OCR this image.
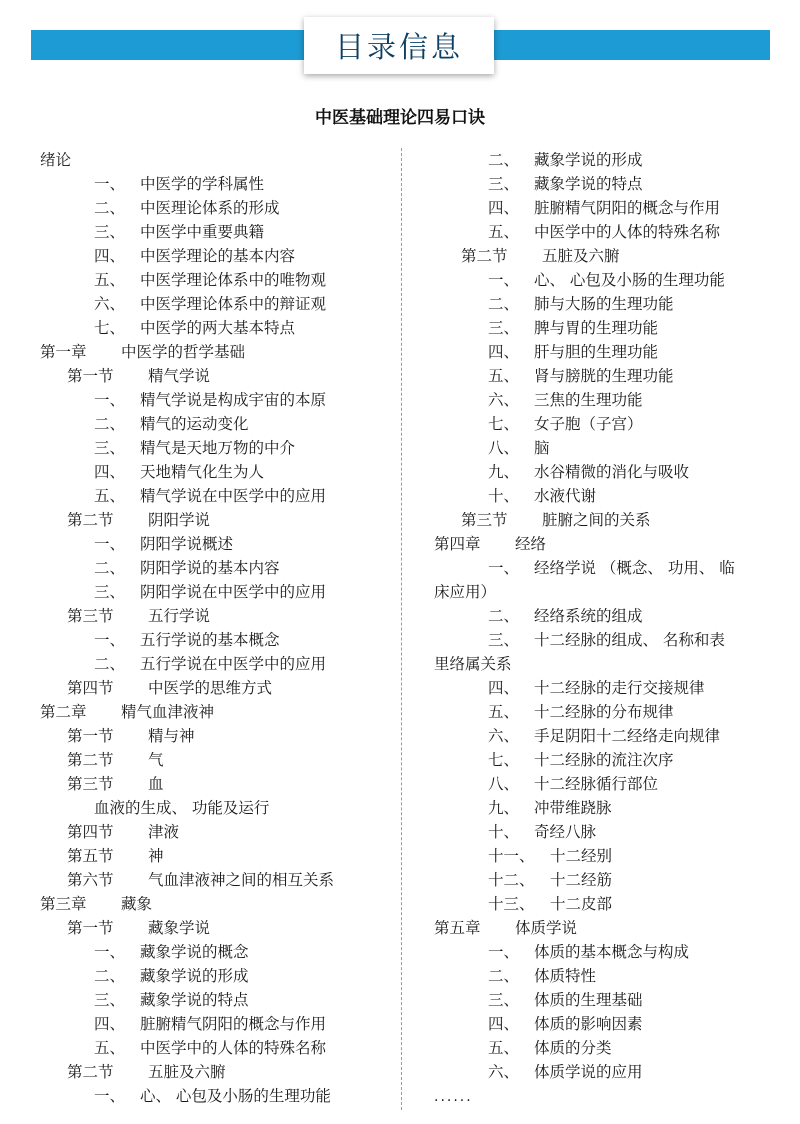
目录信息
中医基础理论四易口诀
绪论
一、 中医学的学科属性
二、 中医理论体系的形成
三、 中医学中重要典籍
四、 中医学理论的基本内容
五、 中医学理论体系中的唯物观
六、 中医学理论体系中的辩证观
七、 中医学的两大基本特点
第一章 中医学的哲学基础
第一节 精气学说
一、 精气学说是构成宇宙的本原
二、 精气的运动变化
三、 精气是天地万物的中介
四、 天地精气化生为人
五、 精气学说在中医学中的应用
第二节 阴阳学说
一、 阴阳学说概述
二、 阴阳学说的基本内容
三、 阴阳学说在中医学中的应用
第三节 五行学说
一、 五行学说的基本概念
二、 五行学说在中医学中的应用
第四节 中医学的思维方式
第二章 精气血津液神
第一节 精与神
第二节 气
第三节 血
血液的生成、 功能及运行
第四节 津液
第五节 神
第六节 气血津液神之间的相互关系
第三章 藏象
第一节 藏象学说
一、 藏象学说的概念
二、 藏象学说的形成
三、 藏象学说的特点
四、 脏腑精气阴阳的概念与作用
五、 中医学中的人体的特殊名称
第二节 五脏及六腑
一、 心、 心包及小肠的生理功能
二、 藏象学说的形成
三、 藏象学说的特点
四、 脏腑精气阴阳的概念与作用
五、 中医学中的人体的特殊名称
第二节 五脏及六腑
一、 心、 心包及小肠的生理功能
二、 肺与大肠的生理功能
三、 脾与胃的生理功能
四、 肝与胆的生理功能
五、 肾与膀胱的生理功能
六、 三焦的生理功能
七、 女子胞（子宫）
八、 脑
九、 水谷精微的消化与吸收
十、 水液代谢
第三节 脏腑之间的关系
第四章 经络
一、 经络学说 （概念、 功用、 临
床应用）
二、 经络系统的组成
三、 十二经脉的组成、 名称和表
里络属关系
四、 十二经脉的走行交接规律
五、 十二经脉的分布规律
六、 手足阴阳十二经络走向规律
七、 十二经脉的流注次序
八、 十二经脉循行部位
九、 冲带维跷脉
十、 奇经八脉
十一、 十二经别
十二、 十二经筋
十三、 十二皮部
第五章 体质学说
一、 体质的基本概念与构成
二、 体质特性
三、 体质的生理基础
四、 体质的影响因素
五、 体质的分类
六、 体质学说的应用
......
